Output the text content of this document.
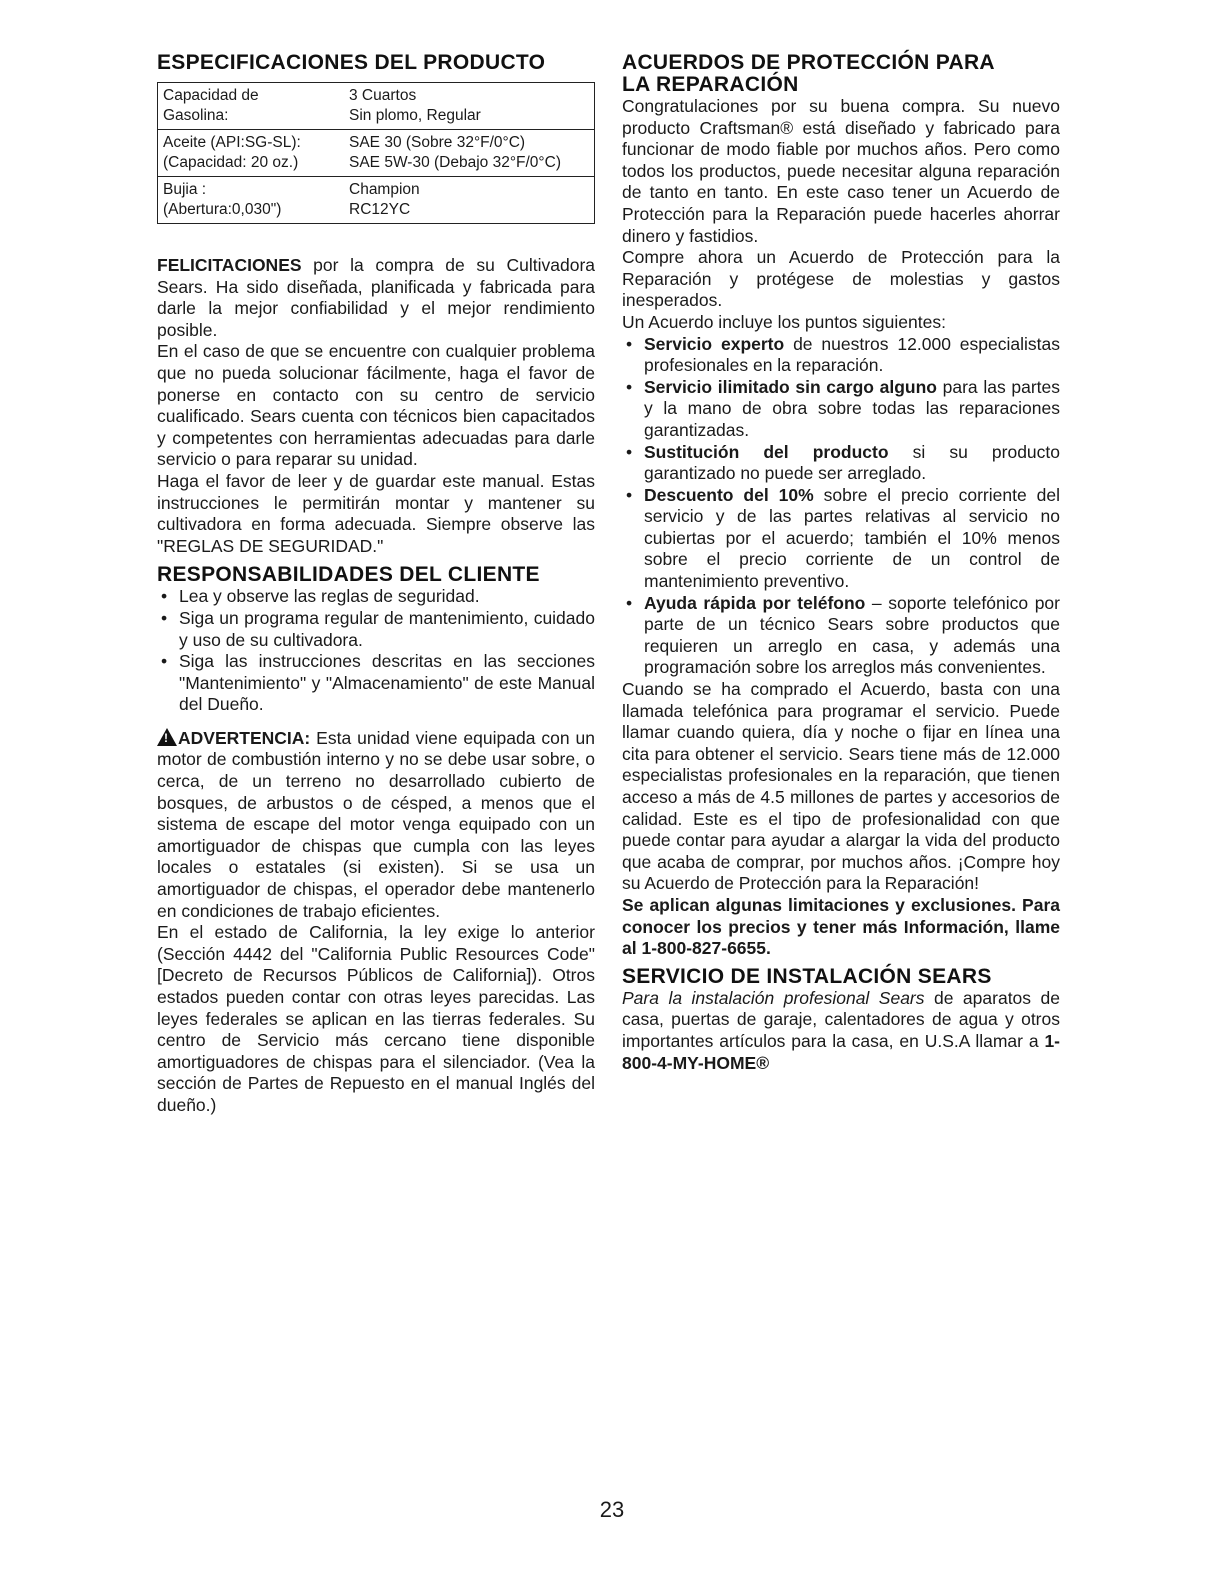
ESPECIFICACIONES DEL PRODUCTO
Capacidad de
Gasolina:
3 Cuartos
Sin plomo, Regular
Aceite (API:SG-SL):
(Capacidad: 20 oz.)
SAE 30 (Sobre 32°F/0°C)
SAE 5W-30 (Debajo 32°F/0°C)
Bujia :
(Abertura:0,030")
Champion
RC12YC

FELICITACIONES por la compra de su Cultivadora Sears. Ha sido diseñada, planificada y fabricada para darle la mejor confiabilidad y el mejor rendimiento posible.

En el caso de que se encuentre con cualquier problema que no pueda solucionar fácilmente, haga el favor de ponerse en contacto con su centro de servicio cualificado. Sears cuenta con técnicos bien capacitados y competentes con herramientas adecuadas para darle servicio o para reparar su unidad.

Haga el favor de leer y de guardar este manual. Estas instrucciones le permitirán montar y mantener su cultivadora en forma adecuada. Siempre observe las "REGLAS DE SEGURIDAD."

RESPONSABILIDADES DEL CLIENTE
• Lea y observe las reglas de seguridad.
• Siga un programa regular de mantenimiento, cuidado y uso de su cultivadora.
• Siga las instrucciones descritas en las secciones "Mantenimiento" y "Almacenamiento" de este Manual del Dueño.

!ADVERTENCIA: Esta unidad viene equipada con un motor de combustión interno y no se debe usar sobre, o cerca, de un terreno no desarrollado cubierto de bosques, de arbustos o de césped, a menos que el sistema de escape del motor venga equipado con un amortiguador de chispas que cumpla con las leyes locales o estatales (si existen). Si se usa un amortiguador de chispas, el operador debe mantenerlo en condiciones de trabajo eficientes.

En el estado de California, la ley exige lo anterior (Sección 4442 del "California Public Resources Code" [Decreto de Recursos Públicos de California]). Otros estados pueden contar con otras leyes parecidas. Las leyes federales se aplican en las tierras federales. Su centro de Servicio más cercano tiene disponible amortiguadores de chispas para el silenciador. (Vea la sección de Partes de Repuesto en el manual Inglés del dueño.)

ACUERDOS DE PROTECCIÓN PARA
LA REPARACIÓN

Congratulaciones por su buena compra. Su nuevo producto Craftsman® está diseñado y fabricado para funcionar de modo fiable por muchos años. Pero como todos los productos, puede necesitar alguna reparación de tanto en tanto. En este caso tener un Acuerdo de Protección para la Reparación puede hacerles ahorrar dinero y fastidios.

Compre ahora un Acuerdo de Protección para la Reparación y protégese de molestias y gastos inesperados.

Un Acuerdo incluye los puntos siguientes:

• Servicio experto de nuestros 12.000 especialistas profesionales en la reparación.
• Servicio ilimitado sin cargo alguno para las partes y la mano de obra sobre todas las reparaciones garantizadas.
• Sustitución del producto si su producto garantizado no puede ser arreglado.
• Descuento del 10% sobre el precio corriente del servicio y de las partes relativas al servicio no cubiertas por el acuerdo; también el 10% menos sobre el precio corriente de un control de mantenimiento preventivo.
• Ayuda rápida por teléfono – soporte telefónico por parte de un técnico Sears sobre productos que requieren un arreglo en casa, y además una programación sobre los arreglos más convenientes.

Cuando se ha comprado el Acuerdo, basta con una llamada telefónica para programar el servicio. Puede llamar cuando quiera, día y noche o fijar en línea una cita para obtener el servicio. Sears tiene más de 12.000 especialistas profesionales en la reparación, que tienen acceso a más de 4.5 millones de partes y accesorios de calidad. Este es el tipo de profesionalidad con que puede contar para ayudar a alargar la vida del producto que acaba de comprar, por muchos años. ¡Compre hoy su Acuerdo de Protección para la Reparación!

Se aplican algunas limitaciones y exclusiones. Para conocer los precios y tener más Información, llame al 1-800-827-6655.

SERVICIO DE INSTALACIÓN SEARS

Para la instalación profesional Sears de aparatos de casa, puertas de garaje, calentadores de agua y otros importantes artículos para la casa, en U.S.A llamar a 1-800-4-MY-HOME®

23
